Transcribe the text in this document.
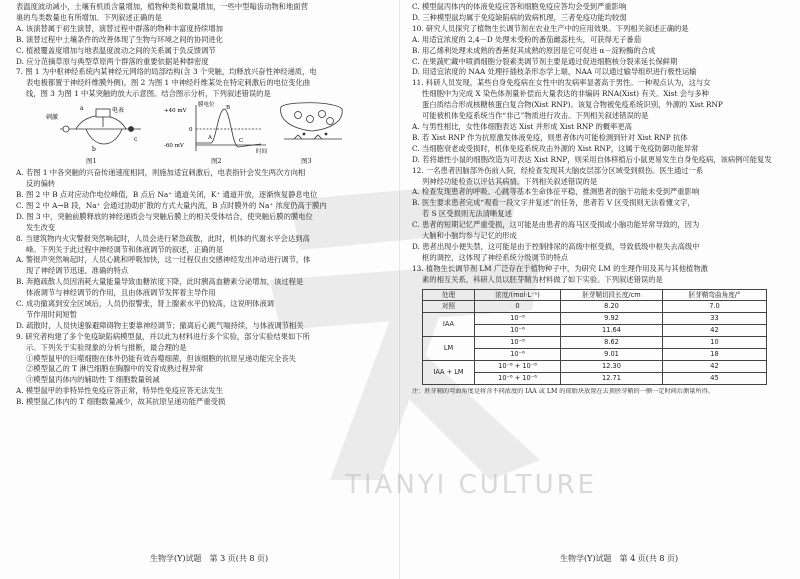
TIANYI CULTURE

表温度波动减小，土壤有机质含量增加，植物种类和数量增加，一些中型嗡齿动物和地面营

巢的鸟类数量也有所增加。下列叙述正确的是

A. 该演替属于初生演替，演替过程中群落的物种丰富度持续增加

B. 演替过程中土壤条件的改善体现了生物与环境之间的协同进化

C. 植被覆盖度增加与地表温度波动之间的关系属于负反馈调节

D. 应分范摘草原与典型草原两个群落的重要依据是种群密度

7. 图 1 为中枢神经系统内某神经元网络的局部结构(含 3 个突触，均释放兴奋性神经递质，电

表电极都置于神经纤维膜外侧)，图 2 为图 1 中神经纤维某处在特定刺激后的电位变化曲

线，图 3 为图 1 中某突触的放大示意图。结合图示分析，下列叙述错误的是

刺激
电表
a
b
c
膜电位
+40 mV
0
-60 mV
A
B
C
时间
图1	图2	图3

A. 若图 1 中各突触的兴奋传递速度相同，则施加适宜刺激后，电表指针会发生两次方向相

反的偏转

B. 图 2 中 B 点对应动作电位峰值，B 点后 Na⁺ 通道关闭，K⁺ 通道开放，逐渐恢复静息电位

C. 图 2 中 A→B 段，Na⁺ 会通过协助扩散的方式大量内流，B 点时膜外的 Na⁺ 浓度仍高于膜内

D. 图 3 中，突触前膜释放的神经递质会与突触后膜上的相关受体结合，使突触后膜的膜电位

发生改变

8. 当建筑物内火灾警报突然响起时，人员会进行紧急疏散，此时，机体的代谢水平会达到高

峰。下列关于此过程中神经调节和体液调节的叙述，正确的是

A. 警报声突然响起时，人员心跳和呼吸加快，这一过程仅由交感神经发出冲动进行调节，体

现了神经调节迅速、准确的特点

B. 奔跑疏散人员因消耗大量能量导致血糖浓度下降，此时胰高血糖素分泌增加，该过程是

体液调节与神经调节的作用，且由体液调节发挥着主导作用

C. 成功撤离到安全区域后，人员仍很警张，肾上腺素水平仍较高，这说明体液调

节作用时间短暂

D. 疏散时，人员快速躲避障碍物主要靠神经调节；撤离后心跳气喘持续，与体液调节相关

9. 研究者构建了多个免疫缺陷病模型鼠，并以此为材料进行多个实验，部分实验结果如下所

示。下列关于实验现象的分析与推断，最合理的是

①模型鼠甲的巨噬细胞在体外仍能有效吞噬细菌，但该细胞的抗原呈递功能完全丧失

②模型鼠乙的 T 淋巴细胞在胸腺中的发育成熟过程异常

③模型鼠丙体内的辅助性 T 细胞数量锐减

A. 模型鼠甲的非特异性免疫应答正常，特异性免疫应答无法发生

B. 模型鼠乙体内的 T 细胞数量减少，故其抗原呈递功能严重受损

生物学(Y)试题　第 3 页(共 8 页)

C. 模型鼠丙体内的体液免疫应答和细胞免疫应答均会受到严重影响

D. 三种模型鼠均属于免疫缺陷病的致病机理，三者免疫功能均较弱

10. 研究人员探究了植物生长调节剂在农业生产中的应用效果。下列相关叙述正确的是

A. 用适宜浓度的 2,4－D 处理未受粉的番茄雌蕊柱头，可获得无子番茄

B. 用乙烯利处理未成熟的香蕉促其成熟的原因是它可促进 α－淀粉酶的合成

C. 在果蔬贮藏中喷洒细胞分裂素类调节剂主要是通过促进细胞核分裂来延长保鲜期

D. 用适宜浓度的 NAA 处理扦插枝条形态学上端，NAA 可以通过输导组织进行极性运输

11. 科研人员发现，某些自身免疫病在女性中的发病率显著高于男性。一种观点认为，这与女

性细胞中为完成 X 染色体剂量补偿而大量表达的非编码 RNA(Xist) 有关。Xist 会与多种

蛋白质结合形成核糖核蛋白复合物(Xist RNP)。该复合物被免疫系统识别，外源的 Xist RNP

可能被机体免疫系统当作“非己”物质进行攻击。下列相关叙述错误的是

A. 与男性相比，女性体细胞表达 Xist 并形成 Xist RNP 的概率更高

B. 若 Xist RNP 作为抗原激发体液免疫，则患者体内可能检测到针对 Xist RNP 抗体

C. 当细胞衰老或受损时，机体免疫系统攻击外源的 Xist RNP，这属于免疫防御功能异常

D. 若将雄性小鼠的细胞改造为可表达 Xist RNP，则采用自体移植后小鼠更易发生自身免疫病，该病例可能复发

12. 一名患者因脑部外伤前入院，经检查发现其大脑皮层部分区域受到损伤。医生通过一系

列神经功能检查以评估其病情。下列相关叙述错误的是

A. 检查发现患者的呼吸、心跳等基本生命体征平稳，推测患者的脑干功能未受到严重影响

B. 医生要求患者完成“观看一段文字并复述”的任务，患者若 V 区受损则无法看懂文字，

若 S 区受损则无法清晰复述

C. 患者的短期记忆严重受损，这可能是由患者的海马区受损或小脑功能异常导致的，因为

大脑和小脑均参与记忆的形成

D. 患者出现小便失禁，这可能是由于控制排尿的高级中枢受损，导致低级中枢失去高级中

枢的调控，这体现了神经系统分级调节的特点

13. 植物生长调节剂 LM 广泛存在于植物种子中，为研究 LM 的生理作用及其与其他植物激

素的相互关系，科研人员以胚芽鞘为材料做了如下实验。下列叙述错误的是

处理	浓度/(mol·L⁻¹)	胚芽鞘切段长度/cm	胚芽鞘弯曲角度/°
对照	0	8.20	7.0
IAA	10⁻⁸	9.92	33
	10⁻⁶	11.64	42
LM	10⁻⁸	8.62	10
	10⁻⁶	9.01	18
IAA + LM	10⁻⁸ + 10⁻⁸	12.30	42
	10⁻⁶ + 10⁻⁶	12.71	45

注：胚芽鞘的弯曲角度是将含不同浓度的 IAA 或 LM 的琼脂块放置在去顶胚芽鞘的一侧一定时间后测量所得。

生物学(Y)试题　第 4 页(共 8 页)
